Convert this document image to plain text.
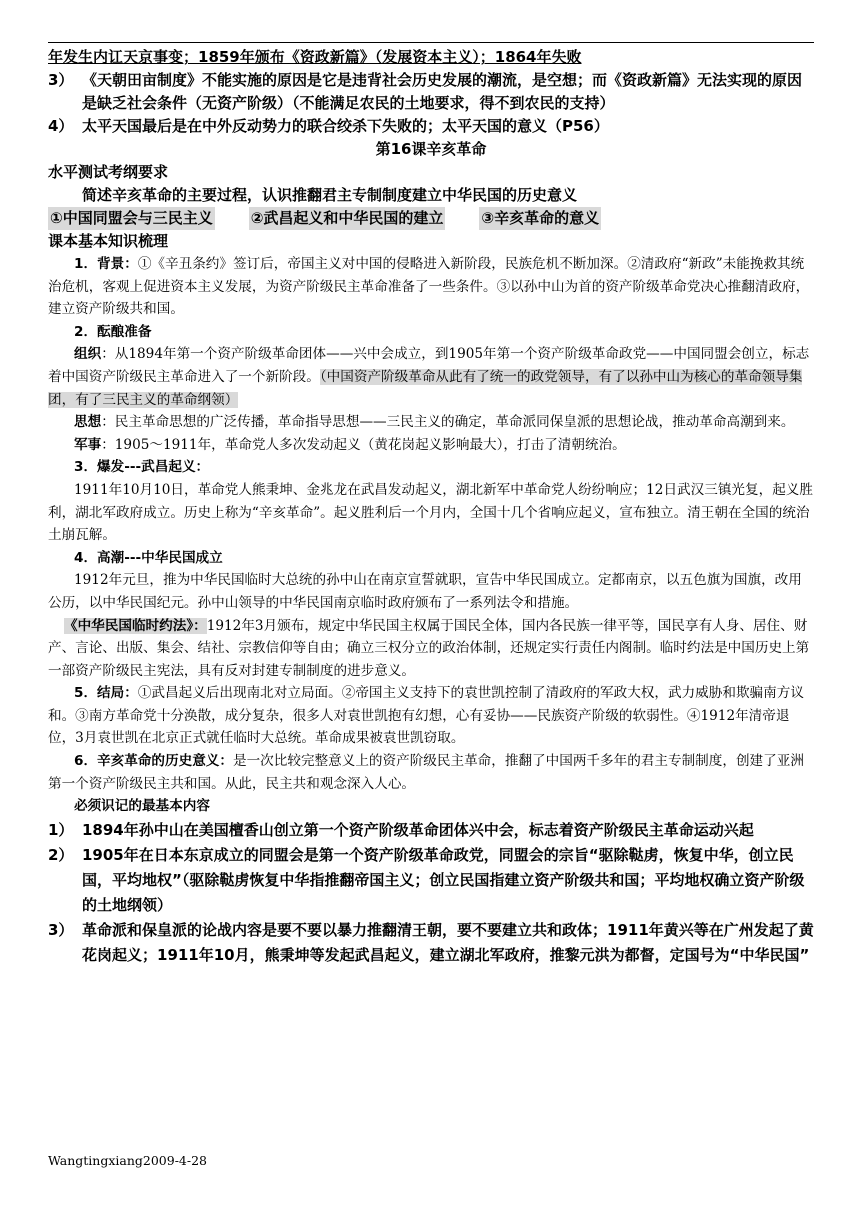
年发生内讧天京事变；1859年颁布《资政新篇》（发展资本主义）；1864年失败
3） 《天朝田亩制度》不能实施的原因是它是违背社会历史发展的潮流，是空想；而《资政新篇》无法实现的原因是缺乏社会条件（无资产阶级）（不能满足农民的土地要求，得不到农民的支持）
4） 太平天国最后是在中外反动势力的联合绞杀下失败的；太平天国的意义（P56）
第16课辛亥革命
水平测试考纲要求
简述辛亥革命的主要过程，认识推翻君主专制制度建立中华民国的历史意义
①中国同盟会与三民主义	②武昌起义和中华民国的建立	③辛亥革命的意义
课本基本知识梳理

1．背景：①《辛丑条约》签订后，帝国主义对中国的侵略进入新阶段，民族危机不断加深。②清政府“新政”未能挽救其统治危机，客观上促进资本主义发展，为资产阶级民主革命准备了一些条件。③以孙中山为首的资产阶级革命党决心推翻清政府，建立资产阶级共和国。

2．酝酿准备

组织：从1894年第一个资产阶级革命团体——兴中会成立，到1905年第一个资产阶级革命政党——中国同盟会创立，标志着中国资产阶级民主革命进入了一个新阶段。（中国资产阶级革命从此有了统一的政党领导，有了以孙中山为核心的革命领导集团，有了三民主义的革命纲领）

思想：民主革命思想的广泛传播，革命指导思想——三民主义的确定，革命派同保皇派的思想论战，推动革命高潮到来。

军事：1905～1911年，革命党人多次发动起义（黄花岗起义影响最大），打击了清朝统治。

3．爆发---武昌起义：

1911年10月10日，革命党人熊秉坤、金兆龙在武昌发动起义，湖北新军中革命党人纷纷响应；12日武汉三镇光复，起义胜利，湖北军政府成立。历史上称为“辛亥革命”。起义胜利后一个月内，全国十几个省响应起义，宣布独立。清王朝在全国的统治土崩瓦解。

4．高潮---中华民国成立

1912年元旦，推为中华民国临时大总统的孙中山在南京宣誓就职，宣告中华民国成立。定都南京，以五色旗为国旗，改用公历，以中华民国纪元。孙中山领导的中华民国南京临时政府颁布了一系列法令和措施。

《中华民国临时约法》：1912年3月颁布，规定中华民国主权属于国民全体，国内各民族一律平等，国民享有人身、居住、财产、言论、出版、集会、结社、宗教信仰等自由；确立三权分立的政治体制，还规定实行责任内阁制。临时约法是中国历史上第一部资产阶级民主宪法，具有反对封建专制制度的进步意义。

5．结局：①武昌起义后出现南北对立局面。②帝国主义支持下的袁世凯控制了清政府的军政大权，武力威胁和欺骗南方议和。③南方革命党十分涣散，成分复杂，很多人对袁世凯抱有幻想，心有妥协——民族资产阶级的软弱性。④1912年清帝退位，3月袁世凯在北京正式就任临时大总统。革命成果被袁世凯窃取。

6．辛亥革命的历史意义：是一次比较完整意义上的资产阶级民主革命，推翻了中国两千多年的君主专制制度，创建了亚洲第一个资产阶级民主共和国。从此，民主共和观念深入人心。

必须识记的最基本内容

1） 1894年孙中山在美国檀香山创立第一个资产阶级革命团体兴中会，标志着资产阶级民主革命运动兴起
2） 1905年在日本东京成立的同盟会是第一个资产阶级革命政党，同盟会的宗旨“驱除鞑虏，恢复中华，创立民国，平均地权”（驱除鞑虏恢复中华指推翻帝国主义；创立民国指建立资产阶级共和国；平均地权确立资产阶级的土地纲领）
3） 革命派和保皇派的论战内容是要不要以暴力推翻清王朝，要不要建立共和政体；1911年黄兴等在广州发起了黄花岗起义；1911年10月，熊秉坤等发起武昌起义，建立湖北军政府，推黎元洪为都督，定国号为“中华民国”
Wangtingxiang2009-4-28
